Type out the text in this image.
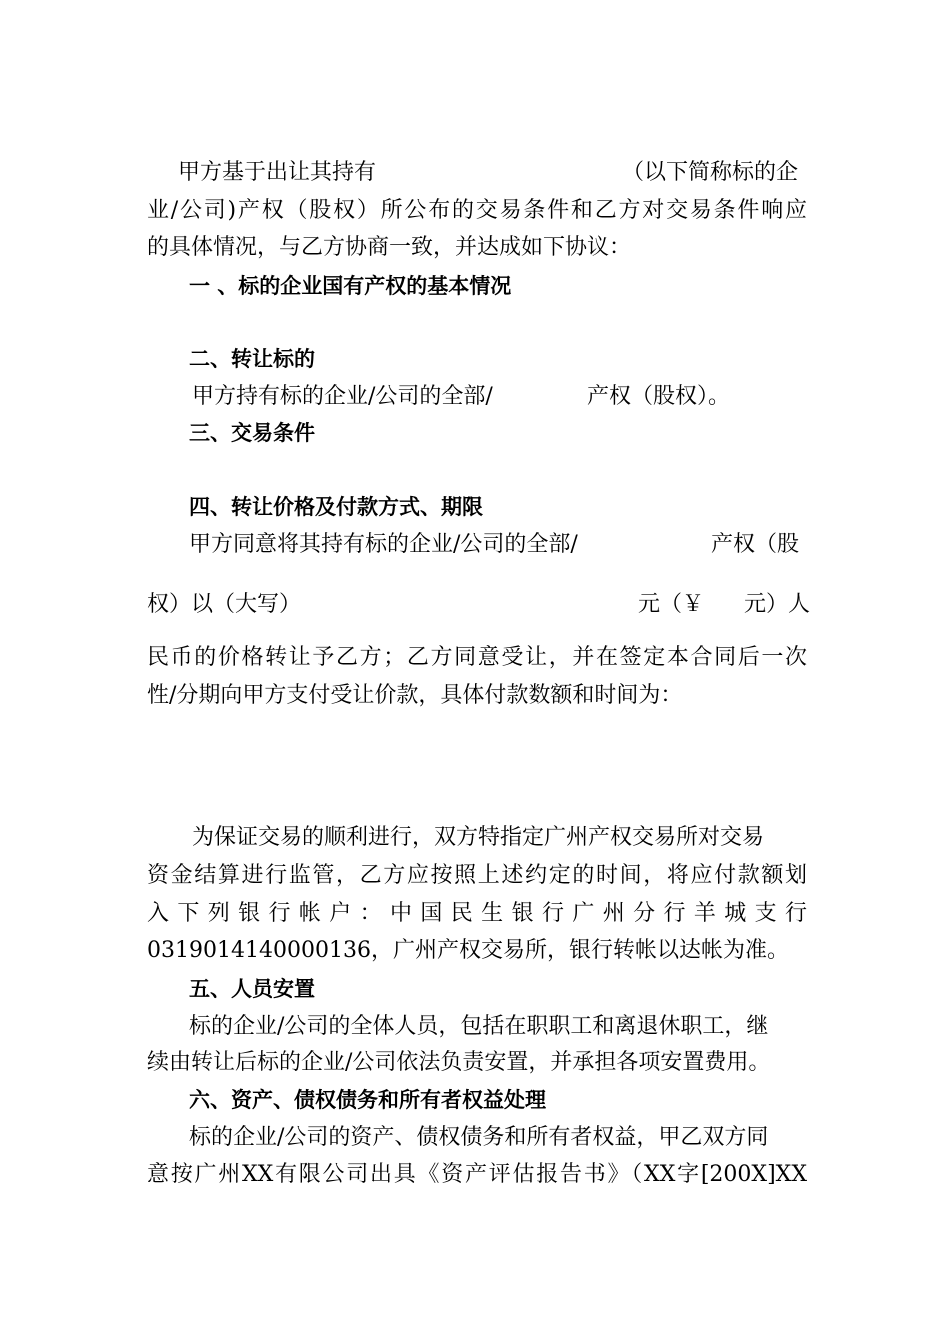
甲方基于出让其持有	（以下简称标的企
业/公司)产权（股权）所公布的交易条件和乙方对交易条件响应
的具体情况，与乙方协商一致，并达成如下协议：
一 、标的企业国有产权的基本情况
二、转让标的
甲方持有标的企业/公司的全部/	产权（股权）。
三、交易条件
四、转让价格及付款方式、期限
甲方同意将其持有标的企业/公司的全部/	产权（股
权）以（大写）	元（￥ 元）人
民币的价格转让予乙方；乙方同意受让，并在签定本合同后一次
性/分期向甲方支付受让价款，具体付款数额和时间为：
为保证交易的顺利进行，双方特指定广州产权交易所对交易
资金结算进行监管，乙方应按照上述约定的时间，将应付款额划
入下列银行帐户：中国民生银行广州分行羊城支行
0319014140000136，广州产权交易所，银行转帐以达帐为准。
五、人员安置
标的企业/公司的全体人员，包括在职职工和离退休职工，继
续由转让后标的企业/公司依法负责安置，并承担各项安置费用。
六、资产、债权债务和所有者权益处理
标的企业/公司的资产、债权债务和所有者权益，甲乙双方同
意按广州XX有限公司出具《资产评估报告书》（XX字[200X]XX
